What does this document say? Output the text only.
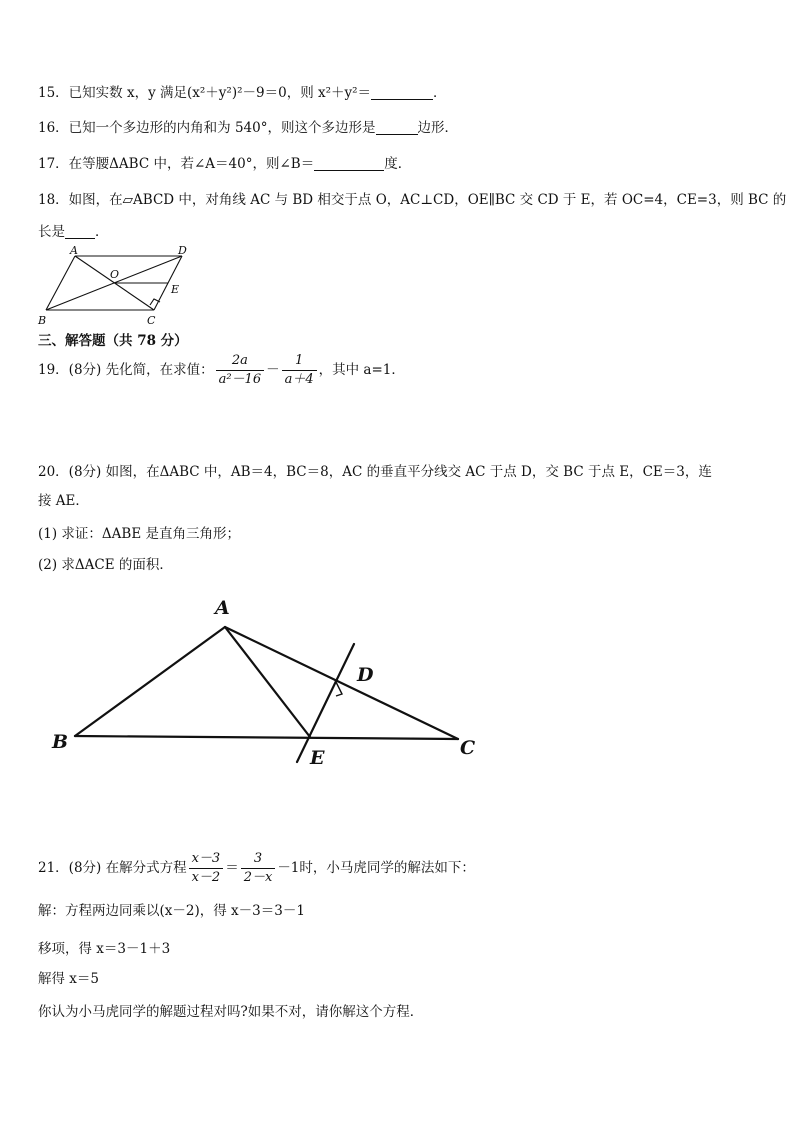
15．已知实数 x，y 满足(x²＋y²)²－9＝0，则 x²＋y²＝	．
16．已知一个多边形的内角和为 540°，则这个多边形是	边形．
17．在等腰ΔABC 中，若∠A＝40°，则∠B＝	度．
18．如图，在▱ABCD 中，对角线 AC 与 BD 相交于点 O，AC⊥CD，OE∥BC 交 CD 于 E，若 OC=4，CE=3，则 BC 的
长是 ．
A	D
O
E
B	C
三、解答题（共 78 分）
19．(8分) 先化简，在求值： $\frac{2a}{\text{a²－16}} - \frac{1}{a+4}$ ，其中 a=1．
20．(8分) 如图，在ΔABC 中，AB＝4，BC＝8，AC 的垂直平分线交 AC 于点 D，交 BC 于点 E，CE＝3，连
接 AE．
(1) 求证：ΔABE 是直角三角形；
(2) 求ΔACE 的面积．
A
B	C
D
E
21．(8分) 在解分式方程 $\frac{x-3}{x-2} = \frac{3}{2-x} -1$时，小马虎同学的解法如下：
解：方程两边同乘以(x－2)，得 x－3＝3－1
移项，得 x＝3－1＋3
解得 x＝5
你认为小马虎同学的解题过程对吗?如果不对，请你解这个方程．
